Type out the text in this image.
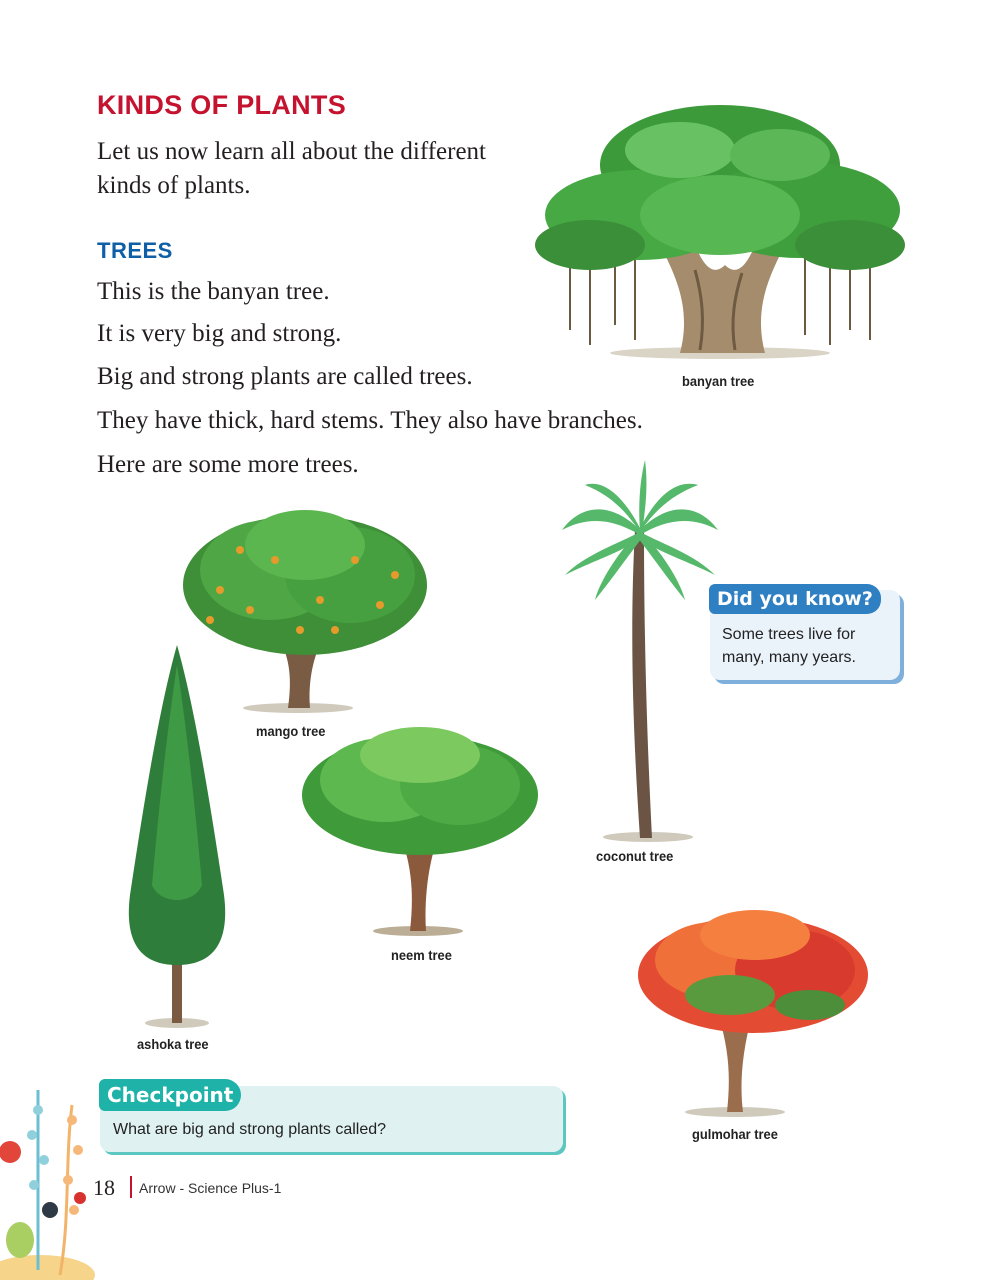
KINDS OF PLANTS

Let us now learn all about the different kinds of plants.

TREES

This is the banyan tree.

It is very big and strong.

Big and strong plants are called trees.

They have thick, hard stems. They also have branches.

Here are some more trees.

banyan tree
mango tree
coconut tree
Did you know?

Some trees live for many, many years.

neem tree
ashoka tree
gulmohar tree
Checkpoint

What are big and strong plants called?

18 Arrow - Science Plus-1
